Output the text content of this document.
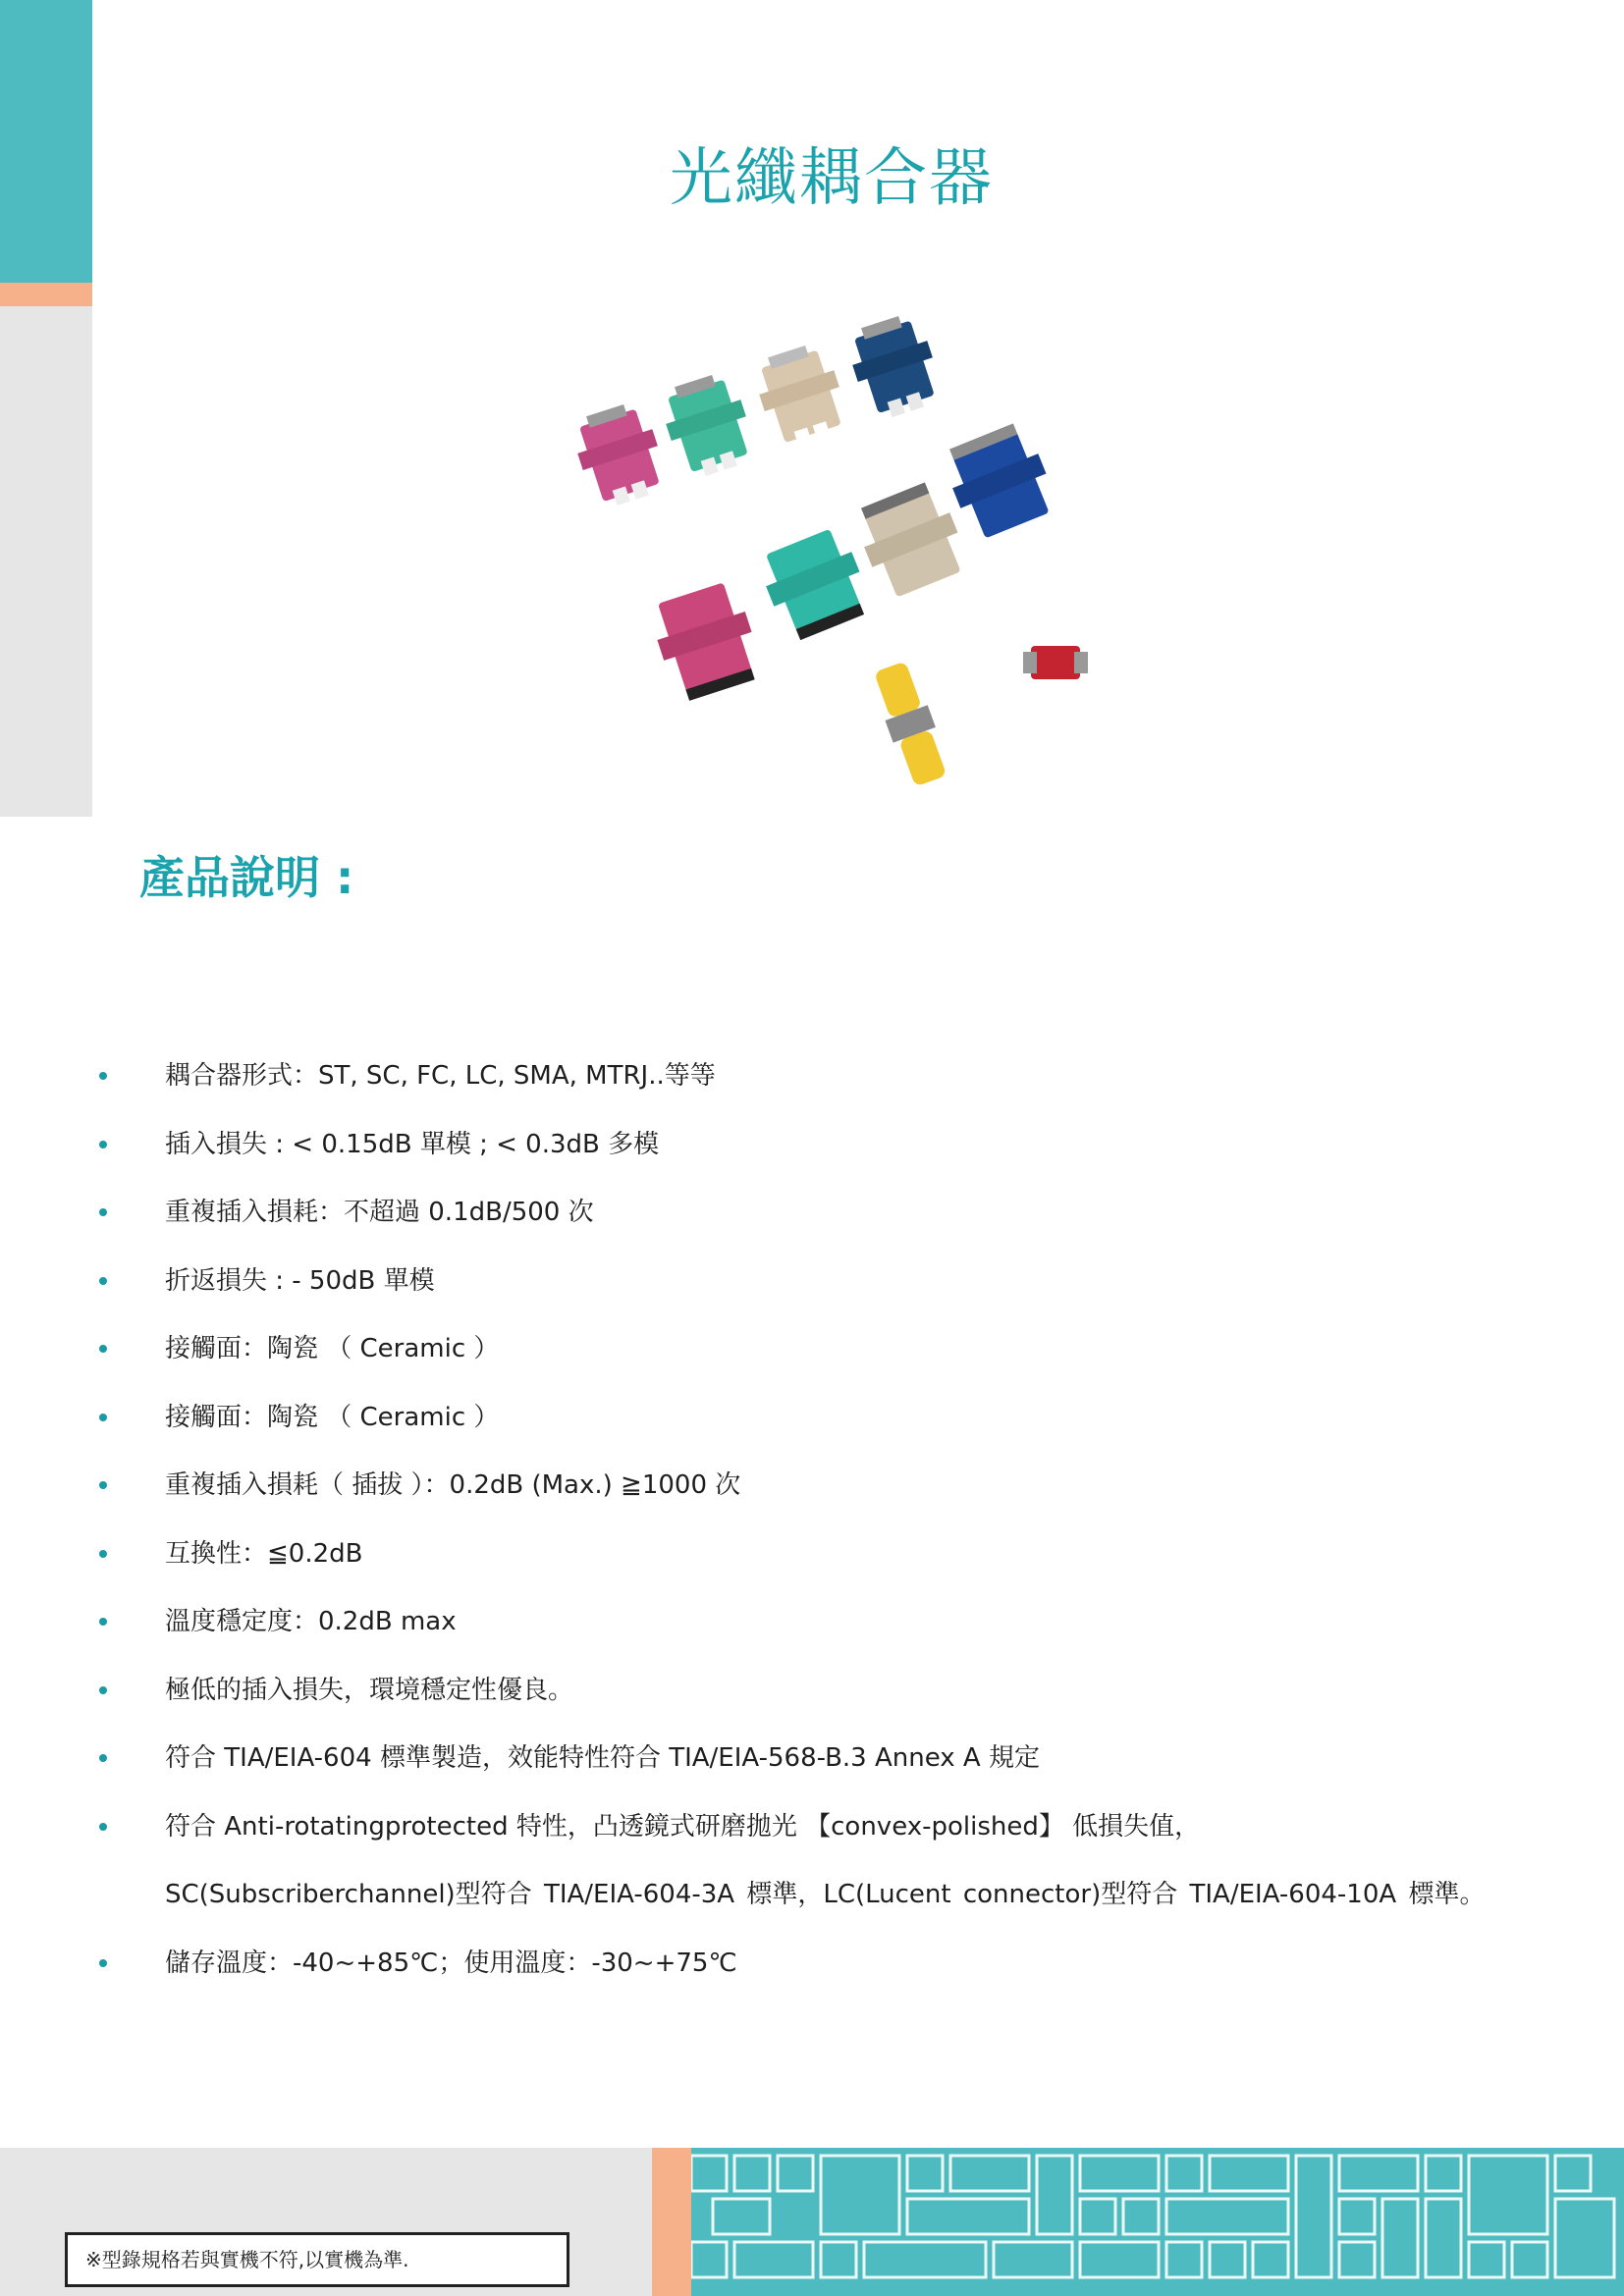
光纖耦合器
產品說明 :
耦合器形式：ST, SC, FC, LC, SMA, MTRJ..等等
插入損失 : < 0.15dB 單模 ; < 0.3dB 多模
重複插入損耗：不超過 0.1dB/500 次
折返損失 : - 50dB 單模
接觸面：陶瓷 （ Ceramic ）
接觸面：陶瓷 （ Ceramic ）
重複插入損耗（ 插拔 ）：0.2dB (Max.) ≧1000 次
互換性：≦0.2dB
溫度穩定度：0.2dB max
極低的插入損失，環境穩定性優良。
符合 TIA/EIA-604 標準製造，效能特性符合 TIA/EIA-568-B.3 Annex A 規定
符合 Anti-rotatingprotected 特性，凸透鏡式研磨拋光 【convex-polished】 低損失值，
SC(Subscriberchannel)型符合 TIA/EIA-604-3A 標準，LC(Lucent connector)型符合 TIA/EIA-604-10A 標準。
儲存溫度：-40~+85℃；使用溫度：-30~+75℃
※型錄規格若與實機不符,以實機為準.
